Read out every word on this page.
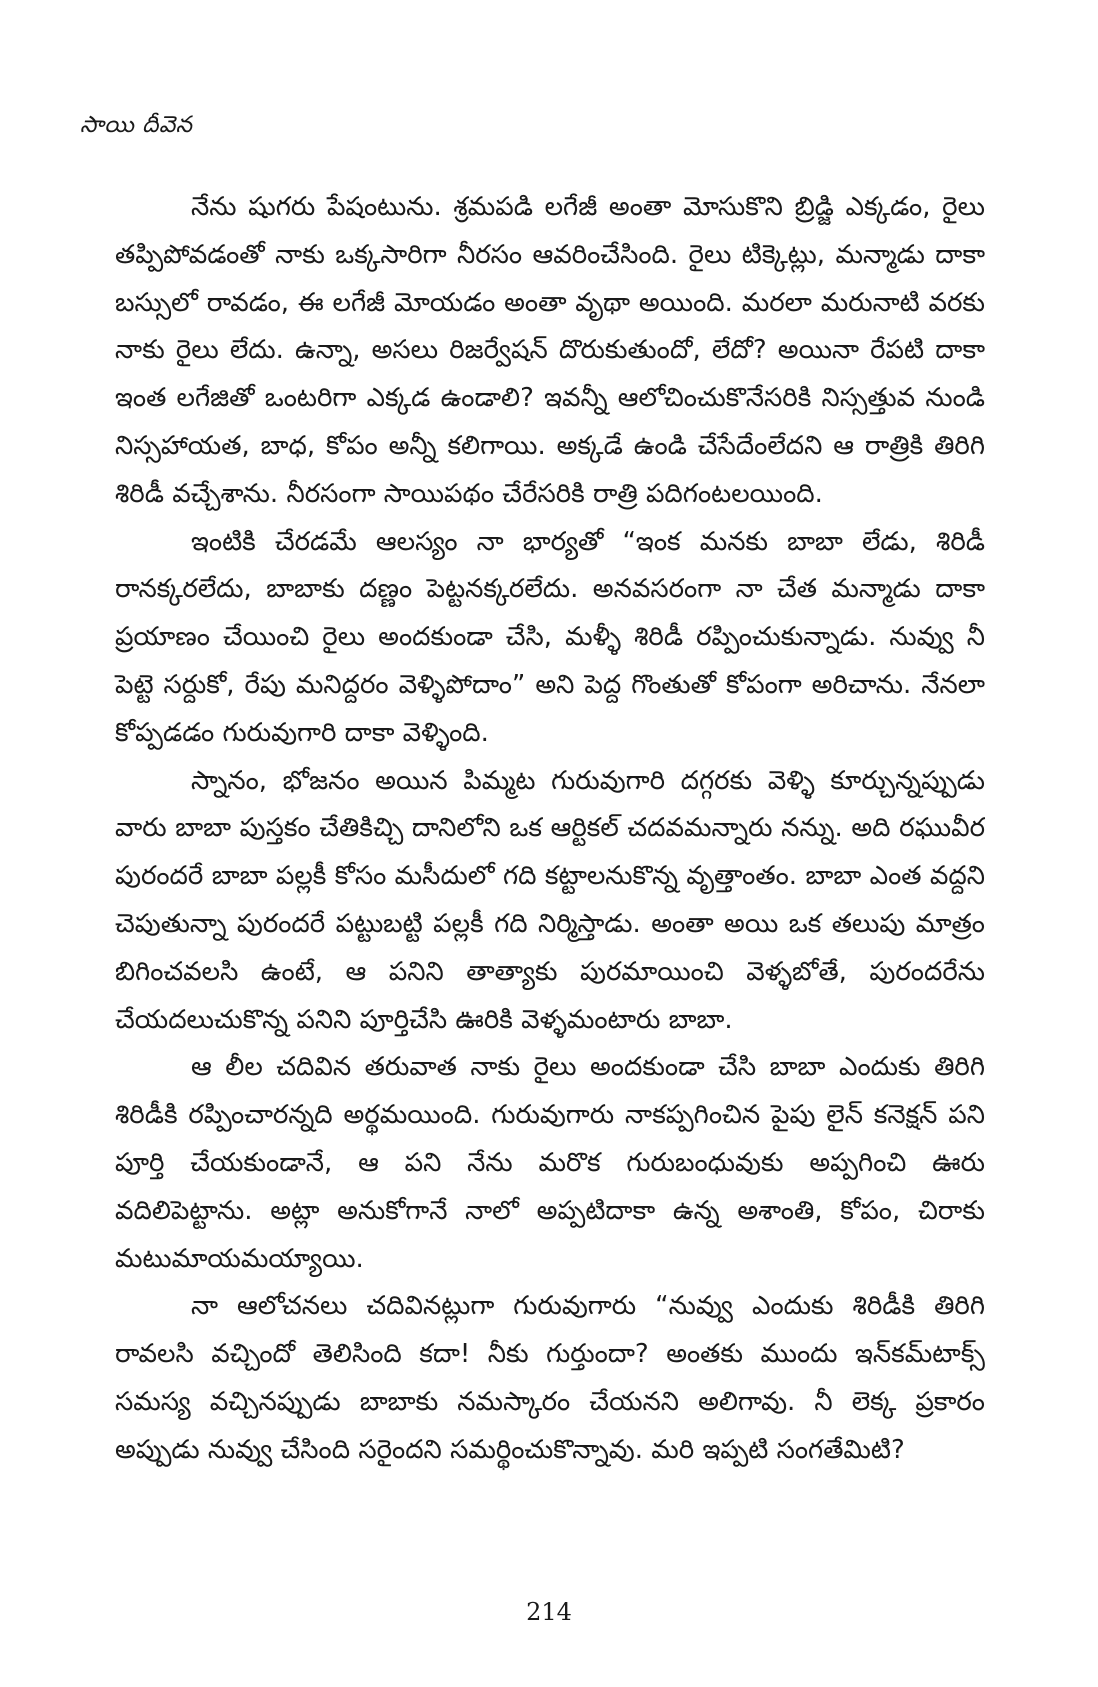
సాయి దీవెన

నేను షుగరు పేషంటును. శ్రమపడి లగేజీ అంతా మోసుకొని బ్రిడ్జి ఎక్కడం, రైలు తప్పిపోవడంతో నాకు ఒక్కసారిగా నీరసం ఆవరించేసింది. రైలు టిక్కెట్లు, మన్మాడు దాకా బస్సులో రావడం, ఈ లగేజీ మోయడం అంతా వృథా అయింది. మరలా మరునాటి వరకు నాకు రైలు లేదు. ఉన్నా, అసలు రిజర్వేషన్ దొరుకుతుందో, లేదో? అయినా రేపటి దాకా ఇంత లగేజితో ఒంటరిగా ఎక్కడ ఉండాలి? ఇవన్నీ ఆలోచించుకొనేసరికి నిస్సత్తువ నుండి నిస్సహాయత, బాధ, కోపం అన్నీ కలిగాయి. అక్కడే ఉండి చేసేదేంలేదని ఆ రాత్రికి తిరిగి శిరిడీ వచ్చేశాను. నీరసంగా సాయిపథం చేరేసరికి రాత్రి పదిగంటలయింది.

ఇంటికి చేరడమే ఆలస్యం నా భార్యతో “ఇంక మనకు బాబా లేడు, శిరిడీ రానక్కరలేదు, బాబాకు దణ్ణం పెట్టనక్కరలేదు. అనవసరంగా నా చేత మన్మాడు దాకా ప్రయాణం చేయించి రైలు అందకుండా చేసి, మళ్ళీ శిరిడీ రప్పించుకున్నాడు. నువ్వు నీ పెట్టె సర్దుకో, రేపు మనిద్దరం వెళ్ళిపోదాం” అని పెద్ద గొంతుతో కోపంగా అరిచాను. నేనలా కోప్పడడం గురువుగారి దాకా వెళ్ళింది.

స్నానం, భోజనం అయిన పిమ్మట గురువుగారి దగ్గరకు వెళ్ళి కూర్చున్నప్పుడు వారు బాబా పుస్తకం చేతికిచ్చి దానిలోని ఒక ఆర్టికల్ చదవమన్నారు నన్ను. అది రఘువీర పురందరే బాబా పల్లకీ కోసం మసీదులో గది కట్టాలనుకొన్న వృత్తాంతం. బాబా ఎంత వద్దని చెపుతున్నా పురందరే పట్టుబట్టి పల్లకీ గది నిర్మిస్తాడు. అంతా అయి ఒక తలుపు మాత్రం బిగించవలసి ఉంటే, ఆ పనిని తాత్యాకు పురమాయించి వెళ్ళబోతే, పురందరేను చేయదలుచుకొన్న పనిని పూర్తిచేసి ఊరికి వెళ్ళమంటారు బాబా.

ఆ లీల చదివిన తరువాత నాకు రైలు అందకుండా చేసి బాబా ఎందుకు తిరిగి శిరిడీకి రప్పించారన్నది అర్థమయింది. గురువుగారు నాకప్పగించిన పైపు లైన్ కనెక్షన్ పని పూర్తి చేయకుండానే, ఆ పని నేను మరొక గురుబంధువుకు అప్పగించి ఊరు వదిలిపెట్టాను. అట్లా అనుకోగానే నాలో అప్పటిదాకా ఉన్న అశాంతి, కోపం, చిరాకు మటుమాయమయ్యాయి.

నా ఆలోచనలు చదివినట్లుగా గురువుగారు “నువ్వు ఎందుకు శిరిడీకి తిరిగి రావలసి వచ్చిందో తెలిసింది కదా! నీకు గుర్తుందా? అంతకు ముందు ఇన్‌కమ్‌టాక్స్ సమస్య వచ్చినప్పుడు బాబాకు నమస్కారం చేయనని అలిగావు. నీ లెక్క ప్రకారం అప్పుడు నువ్వు చేసింది సరైందని సమర్థించుకొన్నావు. మరి ఇప్పటి సంగతేమిటి?

214
